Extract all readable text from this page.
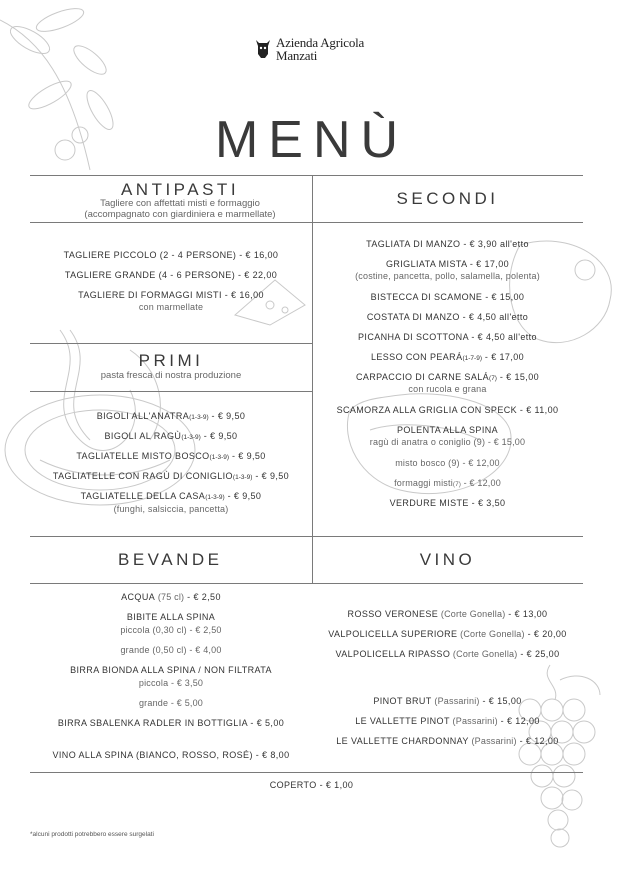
Azienda Agricola
Manzati
MENÙ
ANTIPASTI
Tagliere con affettati misti e formaggio
(accompagnato con giardiniera e marmellate)
TAGLIERE PICCOLO (2 - 4 PERSONE) - € 16,00
TAGLIERE GRANDE (4 - 6 PERSONE) - € 22,00
TAGLIERE DI FORMAGGI MISTI - € 16,00
con marmellate
PRIMI
pasta fresca di nostra produzione
BIGOLI ALL'ANATRA(1-3-9) - € 9,50
BIGOLI AL RAGÙ(1-3-9) - € 9,50
TAGLIATELLE MISTO BOSCO(1-3-9) - € 9,50
TAGLIATELLE CON RAGÙ DI CONIGLIO(1-3-9) - € 9,50
TAGLIATELLE DELLA CASA(1-3-9) - € 9,50
(funghi, salsiccia, pancetta)
SECONDI
TAGLIATA DI MANZO - € 3,90 all'etto
GRIGLIATA MISTA - € 17,00
(costine, pancetta, pollo, salamella, polenta)
BISTECCA DI SCAMONE - € 15,00
COSTATA DI MANZO - € 4,50 all'etto
PICANHA DI SCOTTONA - € 4,50 all'etto
LESSO CON PEARÁ(1-7-9) - € 17,00
CARPACCIO DI CARNE SALÁ(7) - € 15,00
con rucola e grana
SCAMORZA ALLA GRIGLIA CON SPECK - € 11,00
POLENTA ALLA SPINA
ragù di anatra o coniglio (9) - € 15,00
misto bosco (9) - € 12,00
formaggi misti(7) - € 12,00
VERDURE MISTE - € 3,50
BEVANDE
ACQUA (75 cl) - € 2,50
BIBITE ALLA SPINA
piccola (0,30 cl) - € 2,50
grande (0,50 cl) - € 4,00
BIRRA BIONDA ALLA SPINA / NON FILTRATA
piccola - € 3,50
grande - € 5,00
BIRRA SBALENKA RADLER IN BOTTIGLIA - € 5,00
VINO ALLA SPINA (BIANCO, ROSSO, ROSÉ) - € 8,00
VINO
ROSSO VERONESE (Corte Gonella) - € 13,00
VALPOLICELLA SUPERIORE (Corte Gonella) - € 20,00
VALPOLICELLA RIPASSO (Corte Gonella) - € 25,00
PINOT BRUT (Passarini) - € 15,00
LE VALLETTE PINOT (Passarini) - € 12,00
LE VALLETTE CHARDONNAY (Passarini) - € 12,00
COPERTO - € 1,00
*alcuni prodotti potrebbero essere surgelati
